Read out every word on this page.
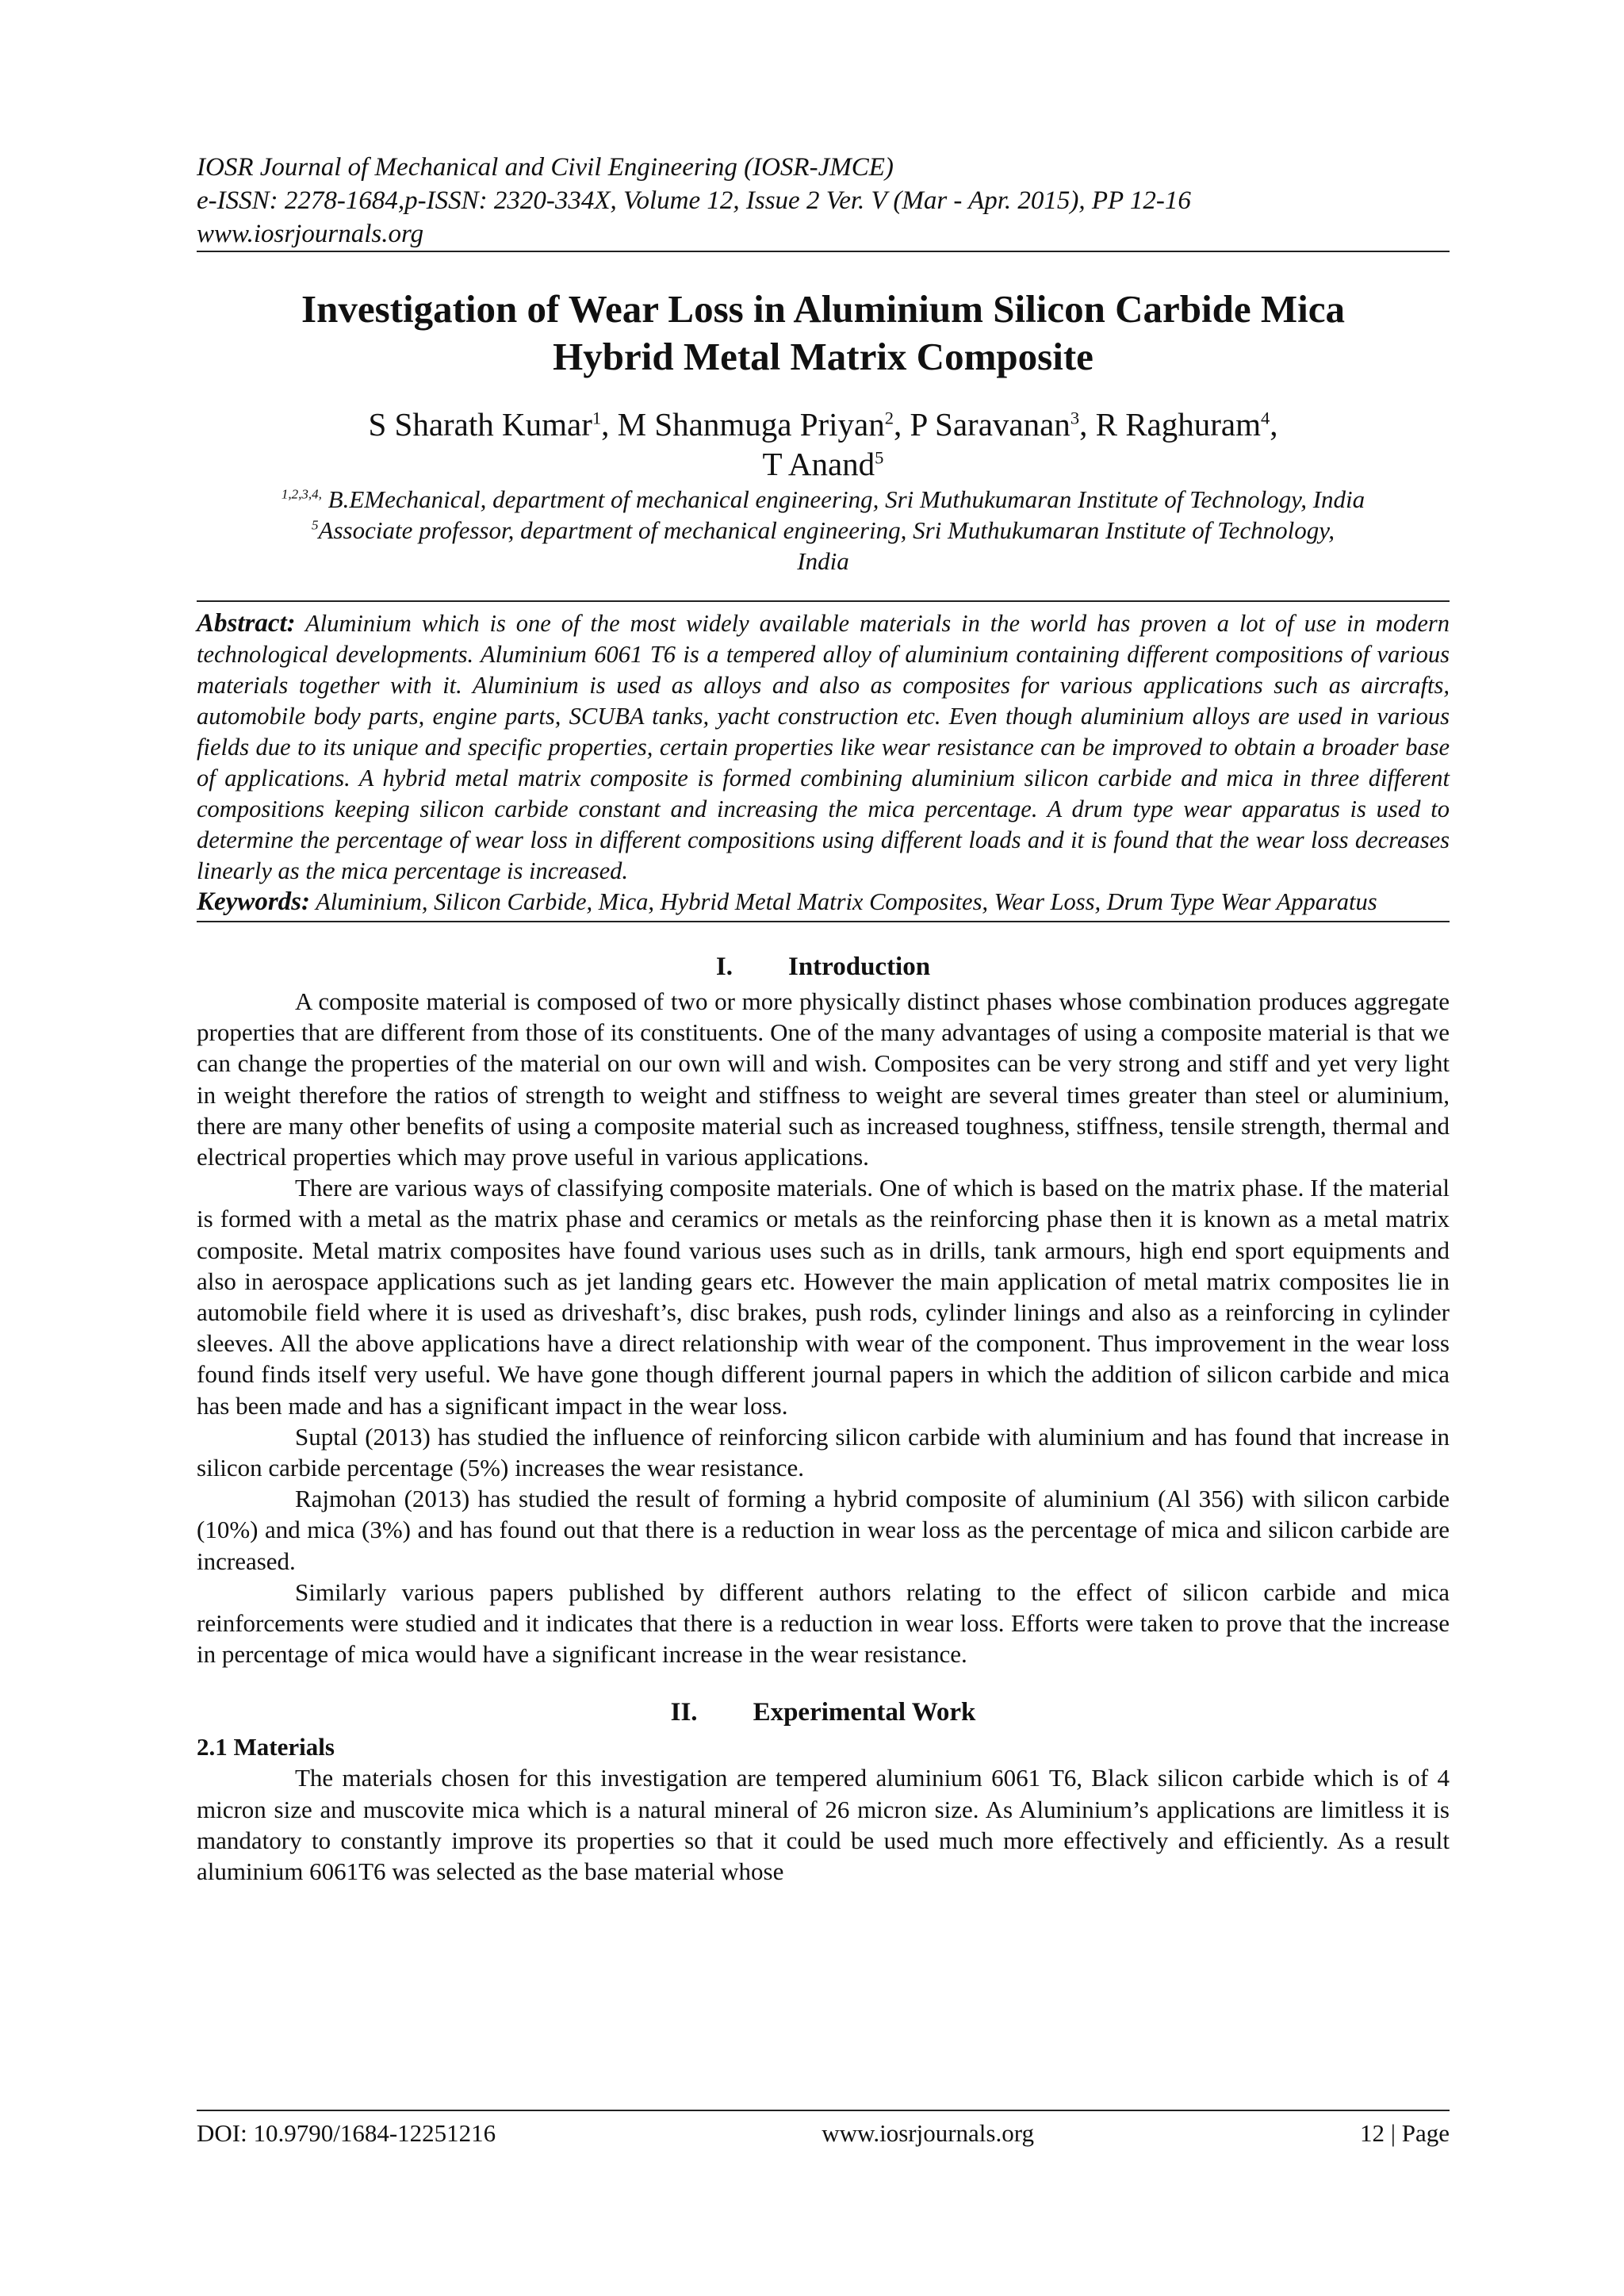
IOSR Journal of Mechanical and Civil Engineering (IOSR-JMCE)
e-ISSN: 2278-1684,p-ISSN: 2320-334X, Volume 12, Issue 2 Ver. V (Mar - Apr. 2015), PP 12-16
www.iosrjournals.org
Investigation of Wear Loss in Aluminium Silicon Carbide Mica
Hybrid Metal Matrix Composite
S Sharath Kumar$^1$, M Shanmuga Priyan$^2$, P Saravanan$^3$, R Raghuram$^4$,
T Anand$^5$
$^{1,2,3,4,}$ B.EMechanical, department of mechanical engineering, Sri Muthukumaran Institute of Technology, India
$^5$Associate professor, department of mechanical engineering, Sri Muthukumaran Institute of Technology,
India
Abstract: Aluminium which is one of the most widely available materials in the world has proven a lot of use in modern technological developments. Aluminium 6061 T6 is a tempered alloy of aluminium containing different compositions of various materials together with it. Aluminium is used as alloys and also as composites for various applications such as aircrafts, automobile body parts, engine parts, SCUBA tanks, yacht construction etc. Even though aluminium alloys are used in various fields due to its unique and specific properties, certain properties like wear resistance can be improved to obtain a broader base of applications. A hybrid metal matrix composite is formed combining aluminium silicon carbide and mica in three different compositions keeping silicon carbide constant and increasing the mica percentage. A drum type wear apparatus is used to determine the percentage of wear loss in different compositions using different loads and it is found that the wear loss decreases linearly as the mica percentage is increased.
Keywords: Aluminium, Silicon Carbide, Mica, Hybrid Metal Matrix Composites, Wear Loss, Drum Type Wear Apparatus
I. Introduction

A composite material is composed of two or more physically distinct phases whose combination produces aggregate properties that are different from those of its constituents. One of the many advantages of using a composite material is that we can change the properties of the material on our own will and wish. Composites can be very strong and stiff and yet very light in weight therefore the ratios of strength to weight and stiffness to weight are several times greater than steel or aluminium, there are many other benefits of using a composite material such as increased toughness, stiffness, tensile strength, thermal and electrical properties which may prove useful in various applications.

There are various ways of classifying composite materials. One of which is based on the matrix phase. If the material is formed with a metal as the matrix phase and ceramics or metals as the reinforcing phase then it is known as a metal matrix composite. Metal matrix composites have found various uses such as in drills, tank armours, high end sport equipments and also in aerospace applications such as jet landing gears etc. However the main application of metal matrix composites lie in automobile field where it is used as driveshaft’s, disc brakes, push rods, cylinder linings and also as a reinforcing in cylinder sleeves. All the above applications have a direct relationship with wear of the component. Thus improvement in the wear loss found finds itself very useful. We have gone though different journal papers in which the addition of silicon carbide and mica has been made and has a significant impact in the wear loss.

Suptal (2013) has studied the influence of reinforcing silicon carbide with aluminium and has found that increase in silicon carbide percentage (5%) increases the wear resistance.

Rajmohan (2013) has studied the result of forming a hybrid composite of aluminium (Al 356) with silicon carbide (10%) and mica (3%) and has found out that there is a reduction in wear loss as the percentage of mica and silicon carbide are increased.

Similarly various papers published by different authors relating to the effect of silicon carbide and mica reinforcements were studied and it indicates that there is a reduction in wear loss. Efforts were taken to prove that the increase in percentage of mica would have a significant increase in the wear resistance.

II. Experimental Work
2.1 Materials

The materials chosen for this investigation are tempered aluminium 6061 T6, Black silicon carbide which is of 4 micron size and muscovite mica which is a natural mineral of 26 micron size. As Aluminium’s applications are limitless it is mandatory to constantly improve its properties so that it could be used much more effectively and efficiently. As a result aluminium 6061T6 was selected as the base material whose

DOI: 10.9790/1684-12251216	www.iosrjournals.org	12 | Page
